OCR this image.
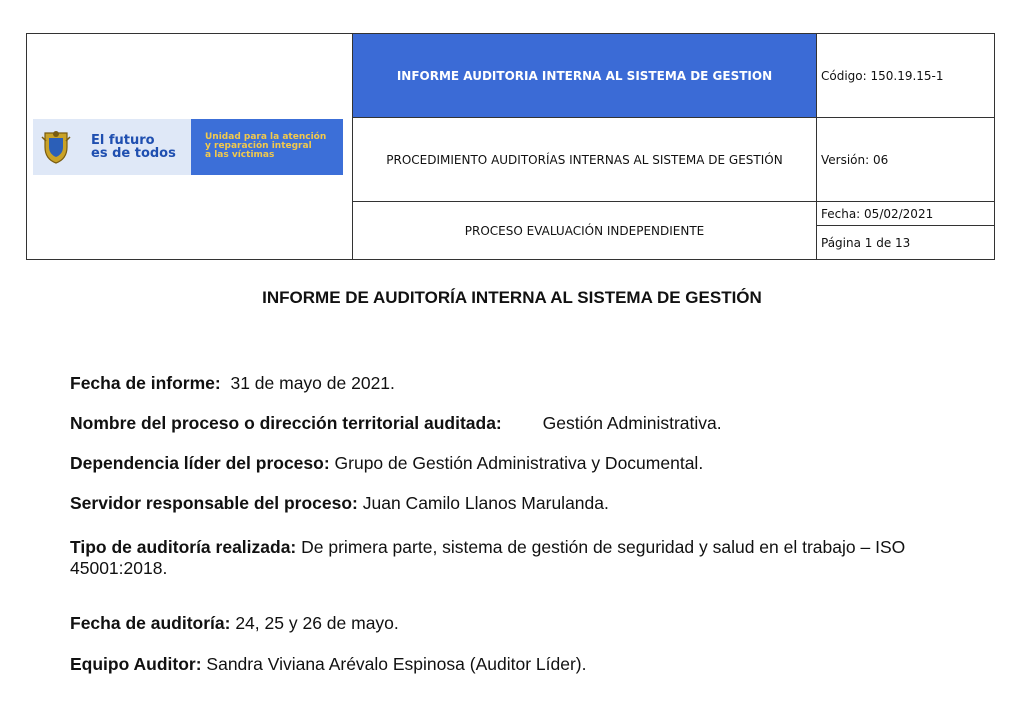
El futuro
es de todos
Unidad para la atención
y reparación integral
a las víctimas	INFORME AUDITORIA INTERNA AL SISTEMA DE GESTION	Código: 150.19.15-1
	PROCEDIMIENTO AUDITORÍAS INTERNAS AL SISTEMA DE GESTIÓN	Versión: 06
	PROCESO EVALUACIÓN INDEPENDIENTE	Fecha: 05/02/2021
		Página 1 de 13
INFORME DE AUDITORÍA INTERNA AL SISTEMA DE GESTIÓN
Fecha de informe: 31 de mayo de 2021.
Nombre del proceso o dirección territorial auditada: Gestión Administrativa.
Dependencia líder del proceso: Grupo de Gestión Administrativa y Documental.
Servidor responsable del proceso: Juan Camilo Llanos Marulanda.
Tipo de auditoría realizada: De primera parte, sistema de gestión de seguridad y salud en el trabajo – ISO 45001:2018.
Fecha de auditoría: 24, 25 y 26 de mayo.
Equipo Auditor: Sandra Viviana Arévalo Espinosa (Auditor Líder).
